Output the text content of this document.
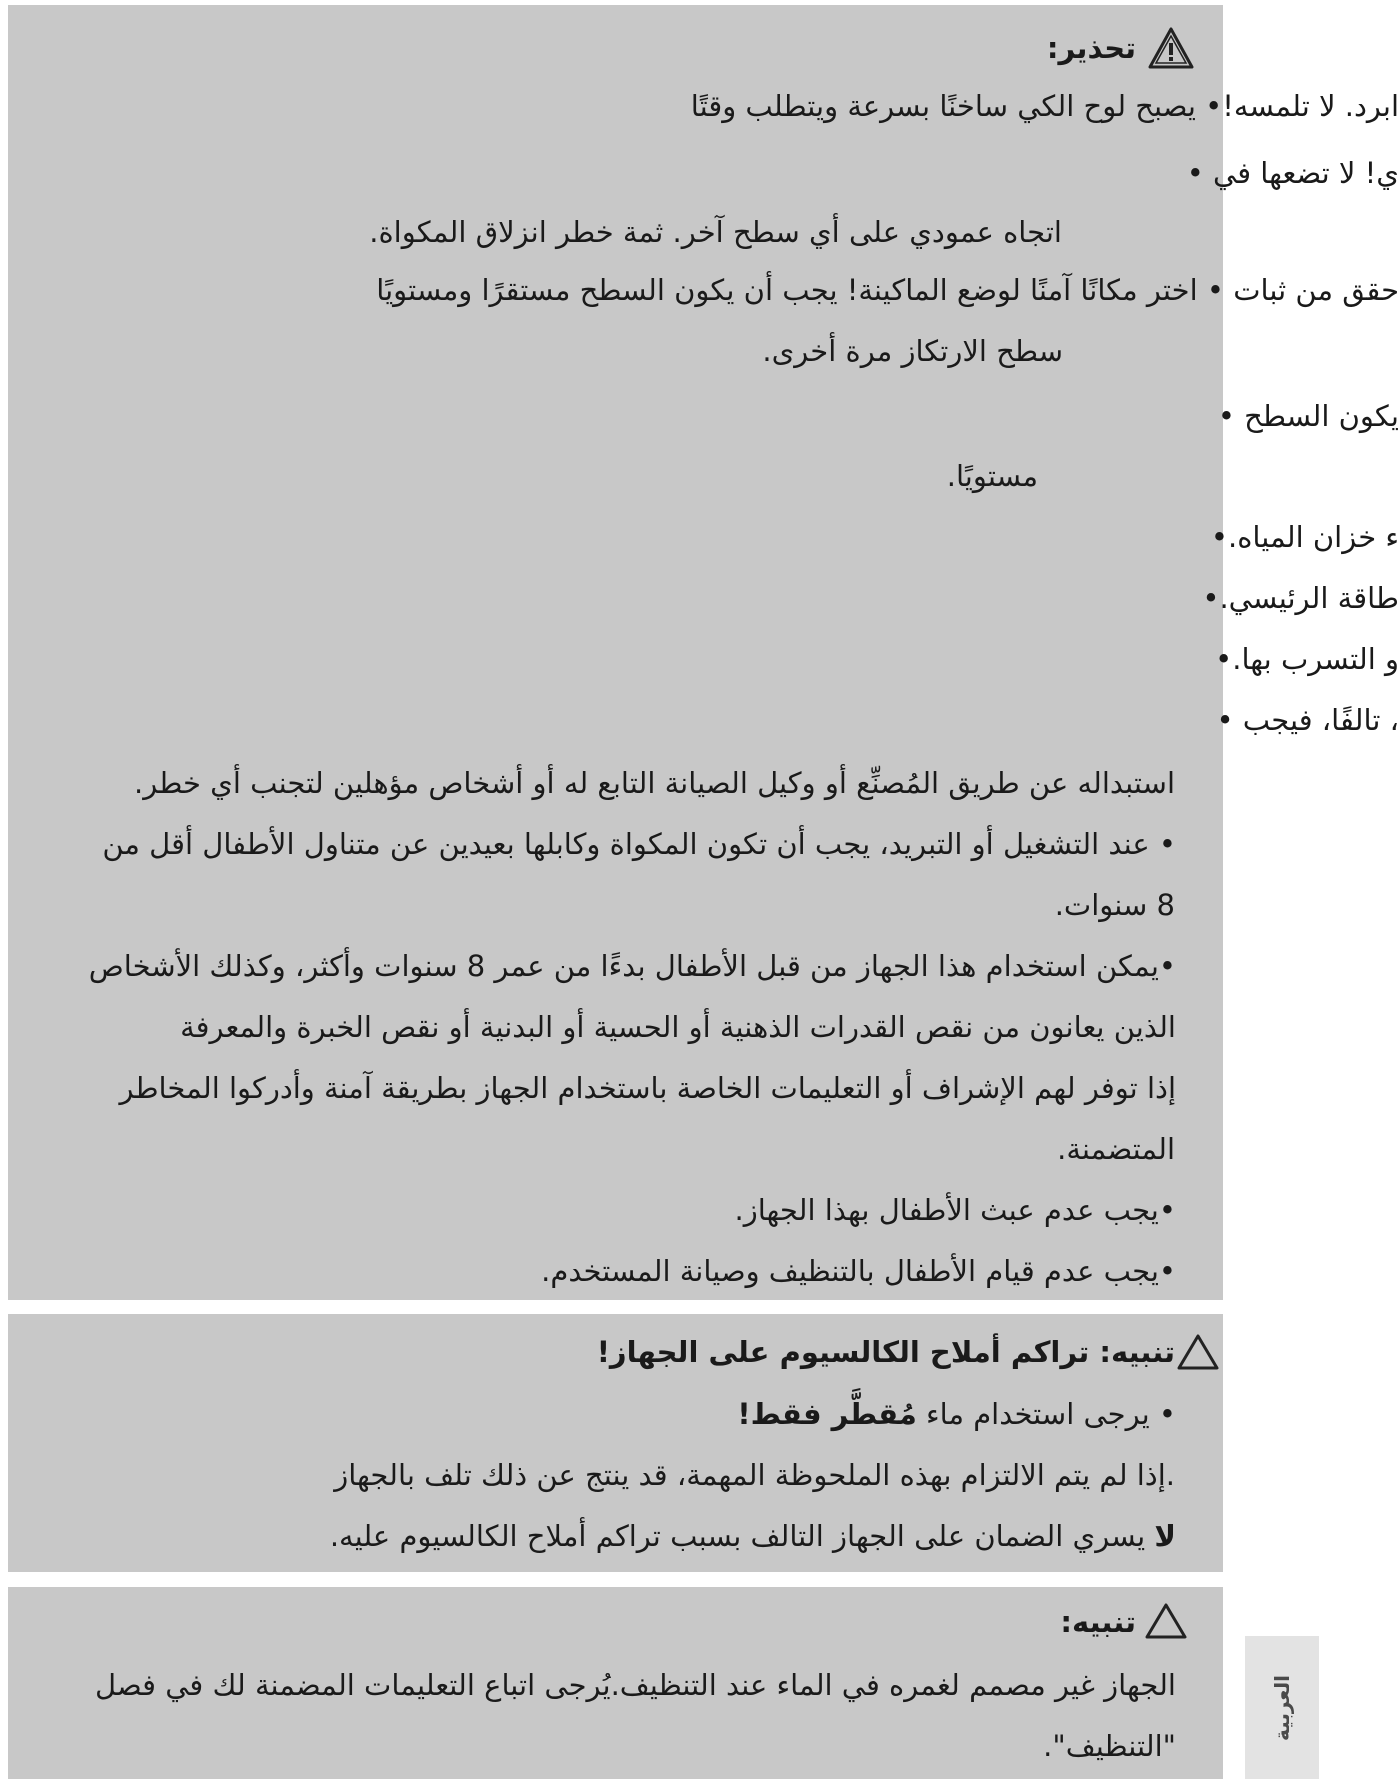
تحذير:
ابرد. لا تلمسه!• يصبح لوح الكي ساخنًا بسرعة ويتطلب وقتًا
ي! لا تضعها في •
اتجاه عمودي على أي سطح آخر. ثمة خطر انزلاق المكواة.
حقق من ثبات • اختر مكانًا آمنًا لوضع الماكينة! يجب أن يكون السطح مستقرًا ومستويًا
سطح الارتكاز مرة أخرى.
يكون السطح •
مستويًا.
ء خزان المياه.•
طاقة الرئيسي.•
و التسرب بها.•
، تالفًا، فيجب •
استبداله عن طريق المُصنِّع أو وكيل الصيانة التابع له أو أشخاص مؤهلين لتجنب أي خطر.
• عند التشغيل أو التبريد، يجب أن تكون المكواة وكابلها بعيدين عن متناول الأطفال أقل من
8 سنوات.
•يمكن استخدام هذا الجهاز من قبل الأطفال بدءًا من عمر 8 سنوات وأكثر، وكذلك الأشخاص
الذين يعانون من نقص القدرات الذهنية أو الحسية أو البدنية أو نقص الخبرة والمعرفة
إذا توفر لهم الإشراف أو التعليمات الخاصة باستخدام الجهاز بطريقة آمنة وأدركوا المخاطر
المتضمنة.
•يجب عدم عبث الأطفال بهذا الجهاز.
•يجب عدم قيام الأطفال بالتنظيف وصيانة المستخدم.
تنبيه: تراكم أملاح الكالسيوم على الجهاز!
• يرجى استخدام ماء مُقطَّر فقط!
.إذا لم يتم الالتزام بهذه الملحوظة المهمة، قد ينتج عن ذلك تلف بالجهاز
لا يسري الضمان على الجهاز التالف بسبب تراكم أملاح الكالسيوم عليه.
تنبيه:
الجهاز غير مصمم لغمره في الماء عند التنظيف.يُرجى اتباع التعليمات المضمنة لك في فصل
"التنظيف".
العربية
